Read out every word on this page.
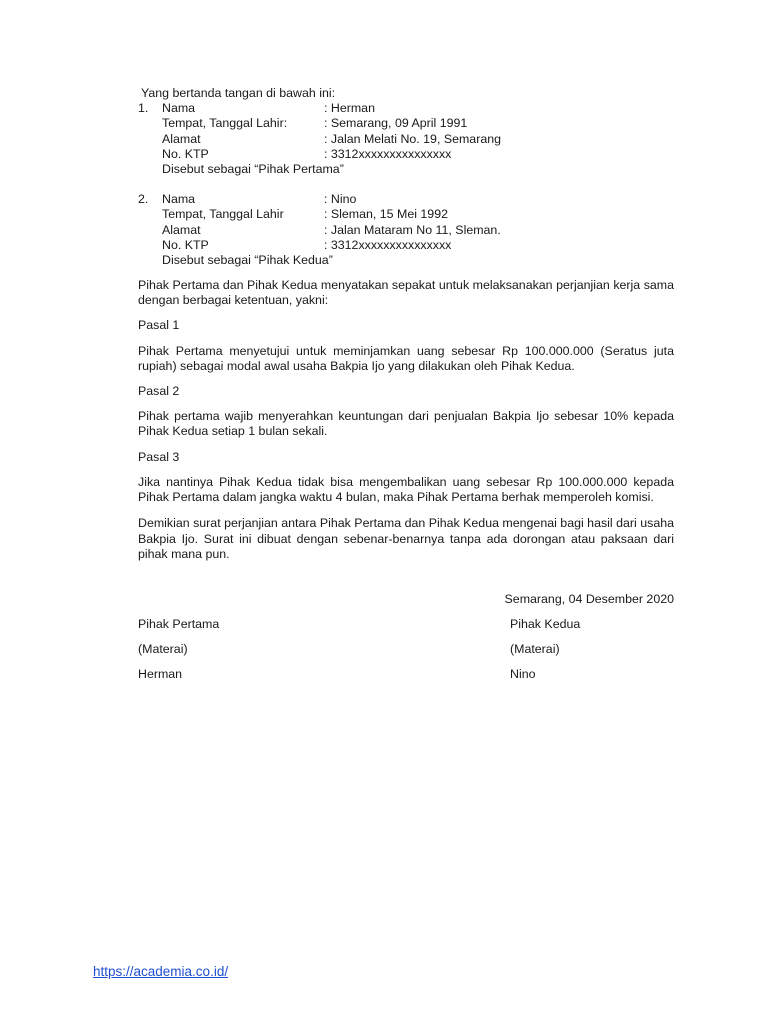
Yang bertanda tangan di bawah ini:
1.	Nama	: Herman
Tempat, Tanggal Lahir:	: Semarang, 09 April 1991
Alamat	: Jalan Melati No. 19, Semarang
No. KTP	: 3312xxxxxxxxxxxxxxx
Disebut sebagai “Pihak Pertama”
2.	Nama	: Nino
Tempat, Tanggal Lahir	: Sleman, 15 Mei 1992
Alamat	: Jalan Mataram No 11, Sleman.
No. KTP	: 3312xxxxxxxxxxxxxxx
Disebut sebagai “Pihak Kedua”

Pihak Pertama dan Pihak Kedua menyatakan sepakat untuk melaksanakan perjanjian kerja sama dengan berbagai ketentuan, yakni:

Pasal 1

Pihak Pertama menyetujui untuk meminjamkan uang sebesar Rp 100.000.000 (Seratus juta rupiah) sebagai modal awal usaha Bakpia Ijo yang dilakukan oleh Pihak Kedua.

Pasal 2

Pihak pertama wajib menyerahkan keuntungan dari penjualan Bakpia Ijo sebesar 10% kepada Pihak Kedua setiap 1 bulan sekali.

Pasal 3

Jika nantinya Pihak Kedua tidak bisa mengembalikan uang sebesar Rp 100.000.000 kepada Pihak Pertama dalam jangka waktu 4 bulan, maka Pihak Pertama berhak memperoleh komisi.

Demikian surat perjanjian antara Pihak Pertama dan Pihak Kedua mengenai bagi hasil dari usaha Bakpia Ijo. Surat ini dibuat dengan sebenar-benarnya tanpa ada dorongan atau paksaan dari pihak mana pun.

Semarang, 04 Desember 2020
Pihak Pertama	Pihak Kedua
(Materai)	(Materai)
Herman	Nino
https://academia.co.id/
